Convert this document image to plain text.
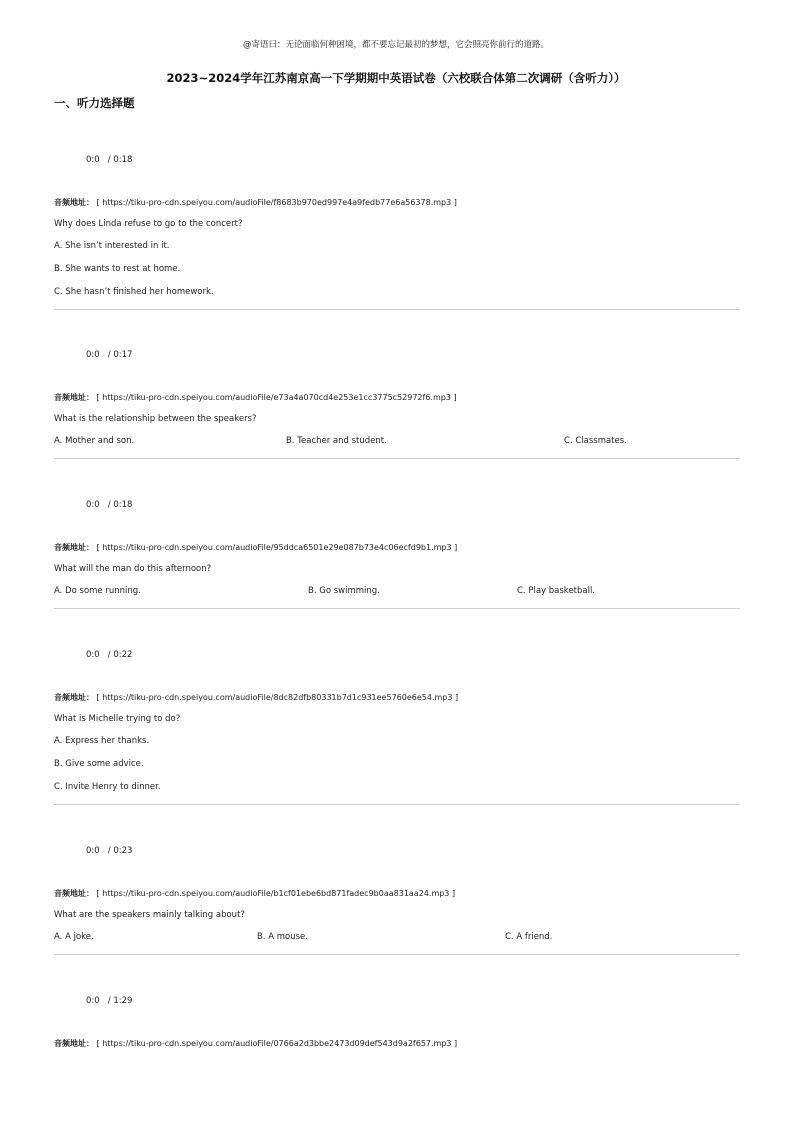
@寄语曰：无论面临何种困境，都不要忘记最初的梦想，它会照亮你前行的道路。
2023~2024学年江苏南京高一下学期期中英语试卷（六校联合体第二次调研（含听力））
一、听力选择题
0:0   / 0:18
音频地址： [ https://tiku-pro-cdn.speiyou.com/audioFile/f8683b970ed997e4a9fedb77e6a56378.mp3 ]
Why does Linda refuse to go to the concert?
A. She isn’t interested in it.
B. She wants to rest at home.
C. She hasn’t finished her homework.
0:0   / 0:17
音频地址： [ https://tiku-pro-cdn.speiyou.com/audioFile/e73a4a070cd4e253e1cc3775c52972f6.mp3 ]
What is the relationship between the speakers?
A. Mother and son.	B. Teacher and student.	C. Classmates.
0:0   / 0:18
音频地址： [ https://tiku-pro-cdn.speiyou.com/audioFile/95ddca6501e29e087b73e4c06ecfd9b1.mp3 ]
What will the man do this afternoon?
A. Do some running.	B. Go swimming.	C. Play basketball.
0:0   / 0:22
音频地址： [ https://tiku-pro-cdn.speiyou.com/audioFile/8dc82dfb80331b7d1c931ee5760e6e54.mp3 ]
What is Michelle trying to do?
A. Express her thanks.
B. Give some advice.
C. Invite Henry to dinner.
0:0   / 0:23
音频地址： [ https://tiku-pro-cdn.speiyou.com/audioFile/b1cf01ebe6bd871fadec9b0aa831aa24.mp3 ]
What are the speakers mainly talking about?
A. A joke.	B. A mouse.	C. A friend.
0:0   / 1:29
音频地址： [ https://tiku-pro-cdn.speiyou.com/audioFile/0766a2d3bbe2473d09def543d9a2f657.mp3 ]
